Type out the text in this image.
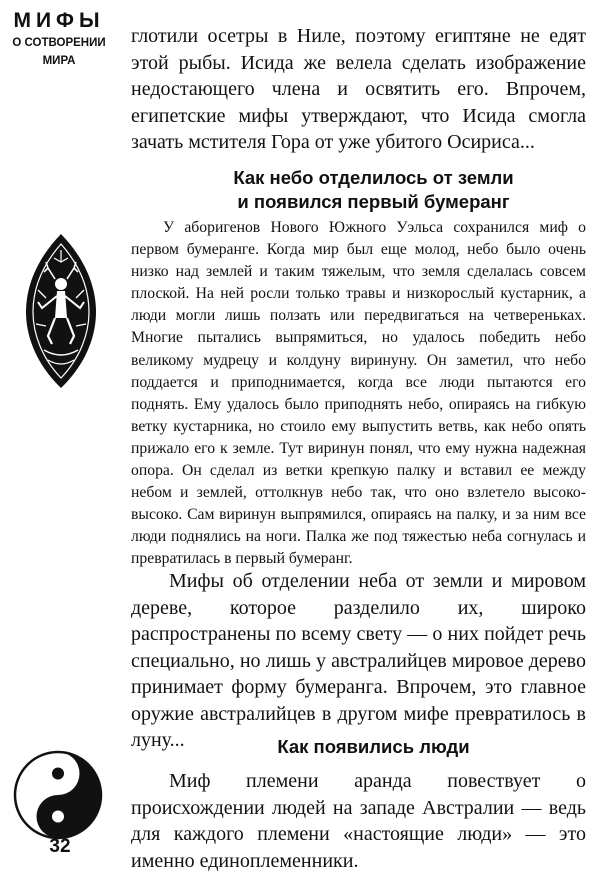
МИФЫ
О СОТВОРЕНИИ
МИРА
32

глотили осетры в Ниле, поэтому египтяне не едят этой рыбы. Исида же велела сделать изображение недостающего члена и освятить его. Впрочем, египетские мифы утверждают, что Исида смогла зачать мстителя Гора от уже убитого Осириса...

Как небо отделилось от земли

и появился первый бумеранг

У аборигенов Нового Южного Уэльса сохранился миф о первом бумеранге. Когда мир был еще молод, небо было очень низко над землей и таким тяжелым, что земля сделалась совсем плоской. На ней росли только травы и низкорослый кустарник, а люди могли лишь ползать или передвигаться на четвереньках. Многие пытались выпрямиться, но удалось победить небо великому мудрецу и колдуну виринуну. Он заметил, что небо поддается и приподнимается, когда все люди пытаются его поднять. Ему удалось было приподнять небо, опираясь на гибкую ветку кустарника, но стоило ему выпустить ветвь, как небо опять прижало его к земле. Тут виринун понял, что ему нужна надежная опора. Он сделал из ветки крепкую палку и вставил ее между небом и землей, оттолкнув небо так, что оно взлетело высоко-высоко. Сам виринун выпрямился, опираясь на палку, и за ним все люди поднялись на ноги. Палка же под тяжестью неба согнулась и превратилась в первый бумеранг.

Мифы об отделении неба от земли и мировом дереве, которое разделило их, широко распространены по всему свету — о них пойдет речь специально, но лишь у австралийцев мировое дерево принимает форму бумеранга. Впрочем, это главное оружие австралийцев в другом мифе превратилось в луну...	Как появились люди

Миф племени аранда повествует о происхождении людей на западе Австралии — ведь для каждого племени «настоящие люди» — это именно единоплеменники.
